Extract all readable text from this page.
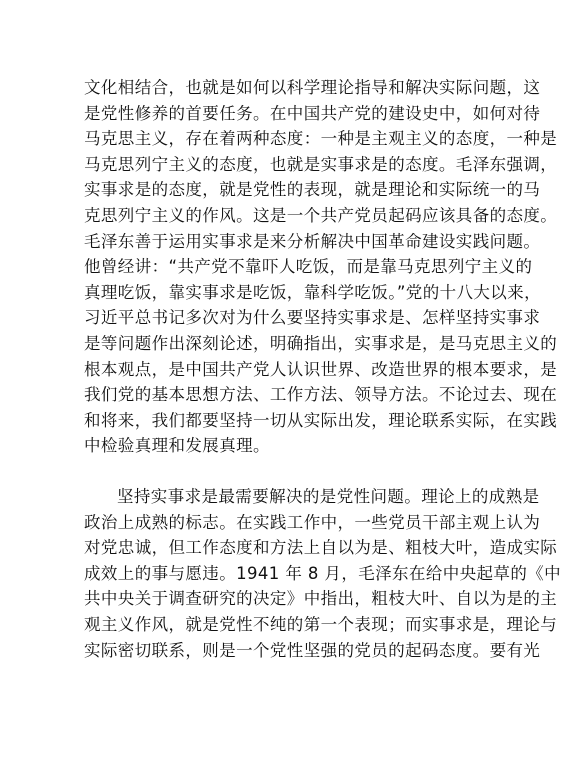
文化相结合，也就是如何以科学理论指导和解决实际问题，这
是党性修养的首要任务。在中国共产党的建设史中，如何对待
马克思主义，存在着两种态度：一种是主观主义的态度，一种是
马克思列宁主义的态度，也就是实事求是的态度。毛泽东强调，
实事求是的态度，就是党性的表现，就是理论和实际统一的马
克思列宁主义的作风。这是一个共产党员起码应该具备的态度。
毛泽东善于运用实事求是来分析解决中国革命建设实践问题。
他曾经讲：“共产党不靠吓人吃饭，而是靠马克思列宁主义的
真理吃饭，靠实事求是吃饭，靠科学吃饭。”党的十八大以来，
习近平总书记多次对为什么要坚持实事求是、怎样坚持实事求
是等问题作出深刻论述，明确指出，实事求是，是马克思主义的
根本观点，是中国共产党人认识世界、改造世界的根本要求，是
我们党的基本思想方法、工作方法、领导方法。不论过去、现在
和将来，我们都要坚持一切从实际出发，理论联系实际，在实践
中检验真理和发展真理。
坚持实事求是最需要解决的是党性问题。理论上的成熟是
政治上成熟的标志。在实践工作中，一些党员干部主观上认为
对党忠诚，但工作态度和方法上自以为是、粗枝大叶，造成实际
成效上的事与愿违。1941 年 8 月，毛泽东在给中央起草的《中
共中央关于调查研究的决定》中指出，粗枝大叶、自以为是的主
观主义作风，就是党性不纯的第一个表现；而实事求是，理论与
实际密切联系，则是一个党性坚强的党员的起码态度。要有光
